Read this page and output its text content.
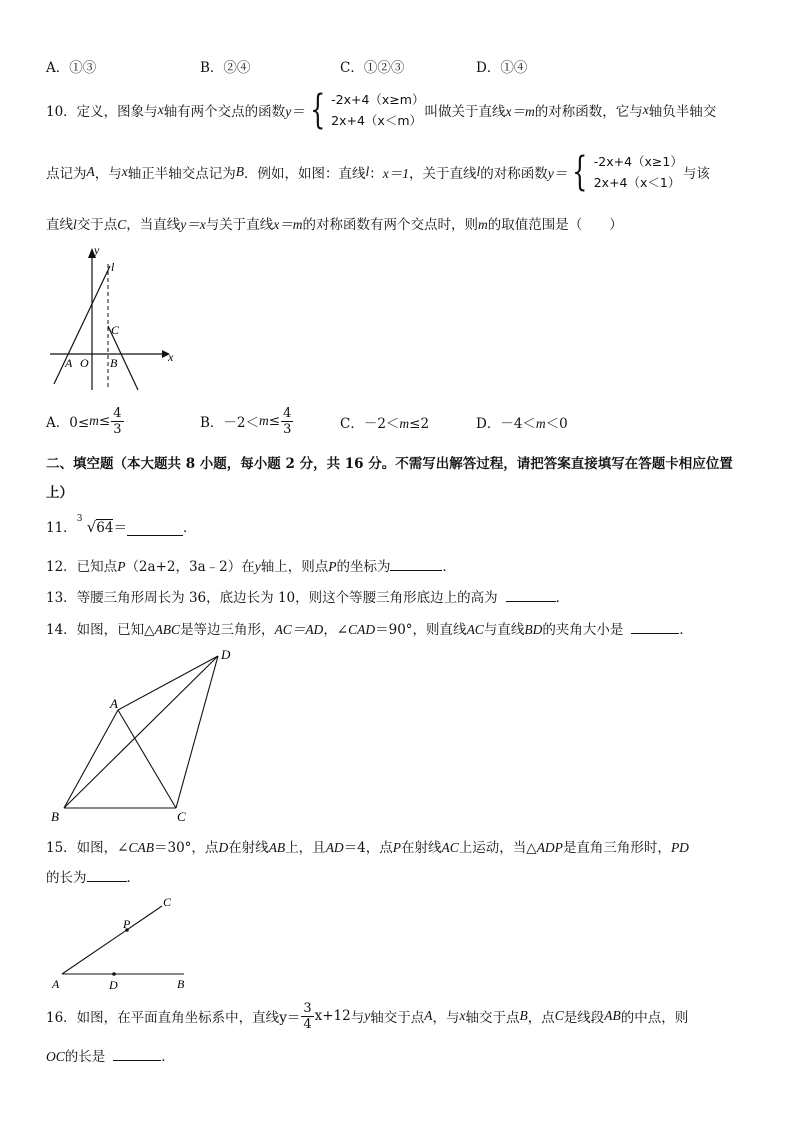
A．①③	B．②④	C．①②③	D．①④
10．定义，图象与 x 轴有两个交点的函数 y＝ { -2x+4（x≥m）
2x+4（x＜m）
叫做关于直线 x＝m 的对称函数，它与 x 轴负半轴交
点记为 A ，与 x 轴正半轴交点记为 B ．例如，如图：直线 l ： x＝1 ，关于直线 l 的对称函数 y＝ { -2x+4（x≥1）
2x+4（x＜1）
与该
直线l交于点C，当直线y＝x与关于直线x＝m的对称函数有两个交点时，则m的取值范围是（　　）
y
l
C
A O B	x
A．$0\le m \le \frac{4}{3}$	B．$-2< m \le \frac{4}{3}$	C．－2＜m≤2	D．－4＜m＜0
二、填空题（本大题共 8 小题，每小题 2 分，共 16 分。不需写出解答过程，请把答案直接填写在答题卡相应位置
上）
11．
3 √64 ＝	．
12．已知点P（2a+2，3a﹣2）在y轴上，则点P的坐标为	．
13．等腰三角形周长为 36，底边长为 10，则这个等腰三角形底边上的高为	．
14．如图，已知△ABC是等边三角形，AC＝AD，∠CAD＝90°，则直线AC与直线BD的夹角大小是	．
D
A
B	C
15．如图，∠CAB＝30°，点D在射线AB上，且AD＝4，点P在射线AC上运动，当△ADP是直角三角形时，PD
的长为	．
C
P
A	D	B
16．如图，在平面直角坐标系中，直线 $y= \frac{3}{4} x+12$ 与 y 轴交于点 A ，与 x 轴交于点 B ，点 C 是线段 AB 的中点，则
OC的长是	．
